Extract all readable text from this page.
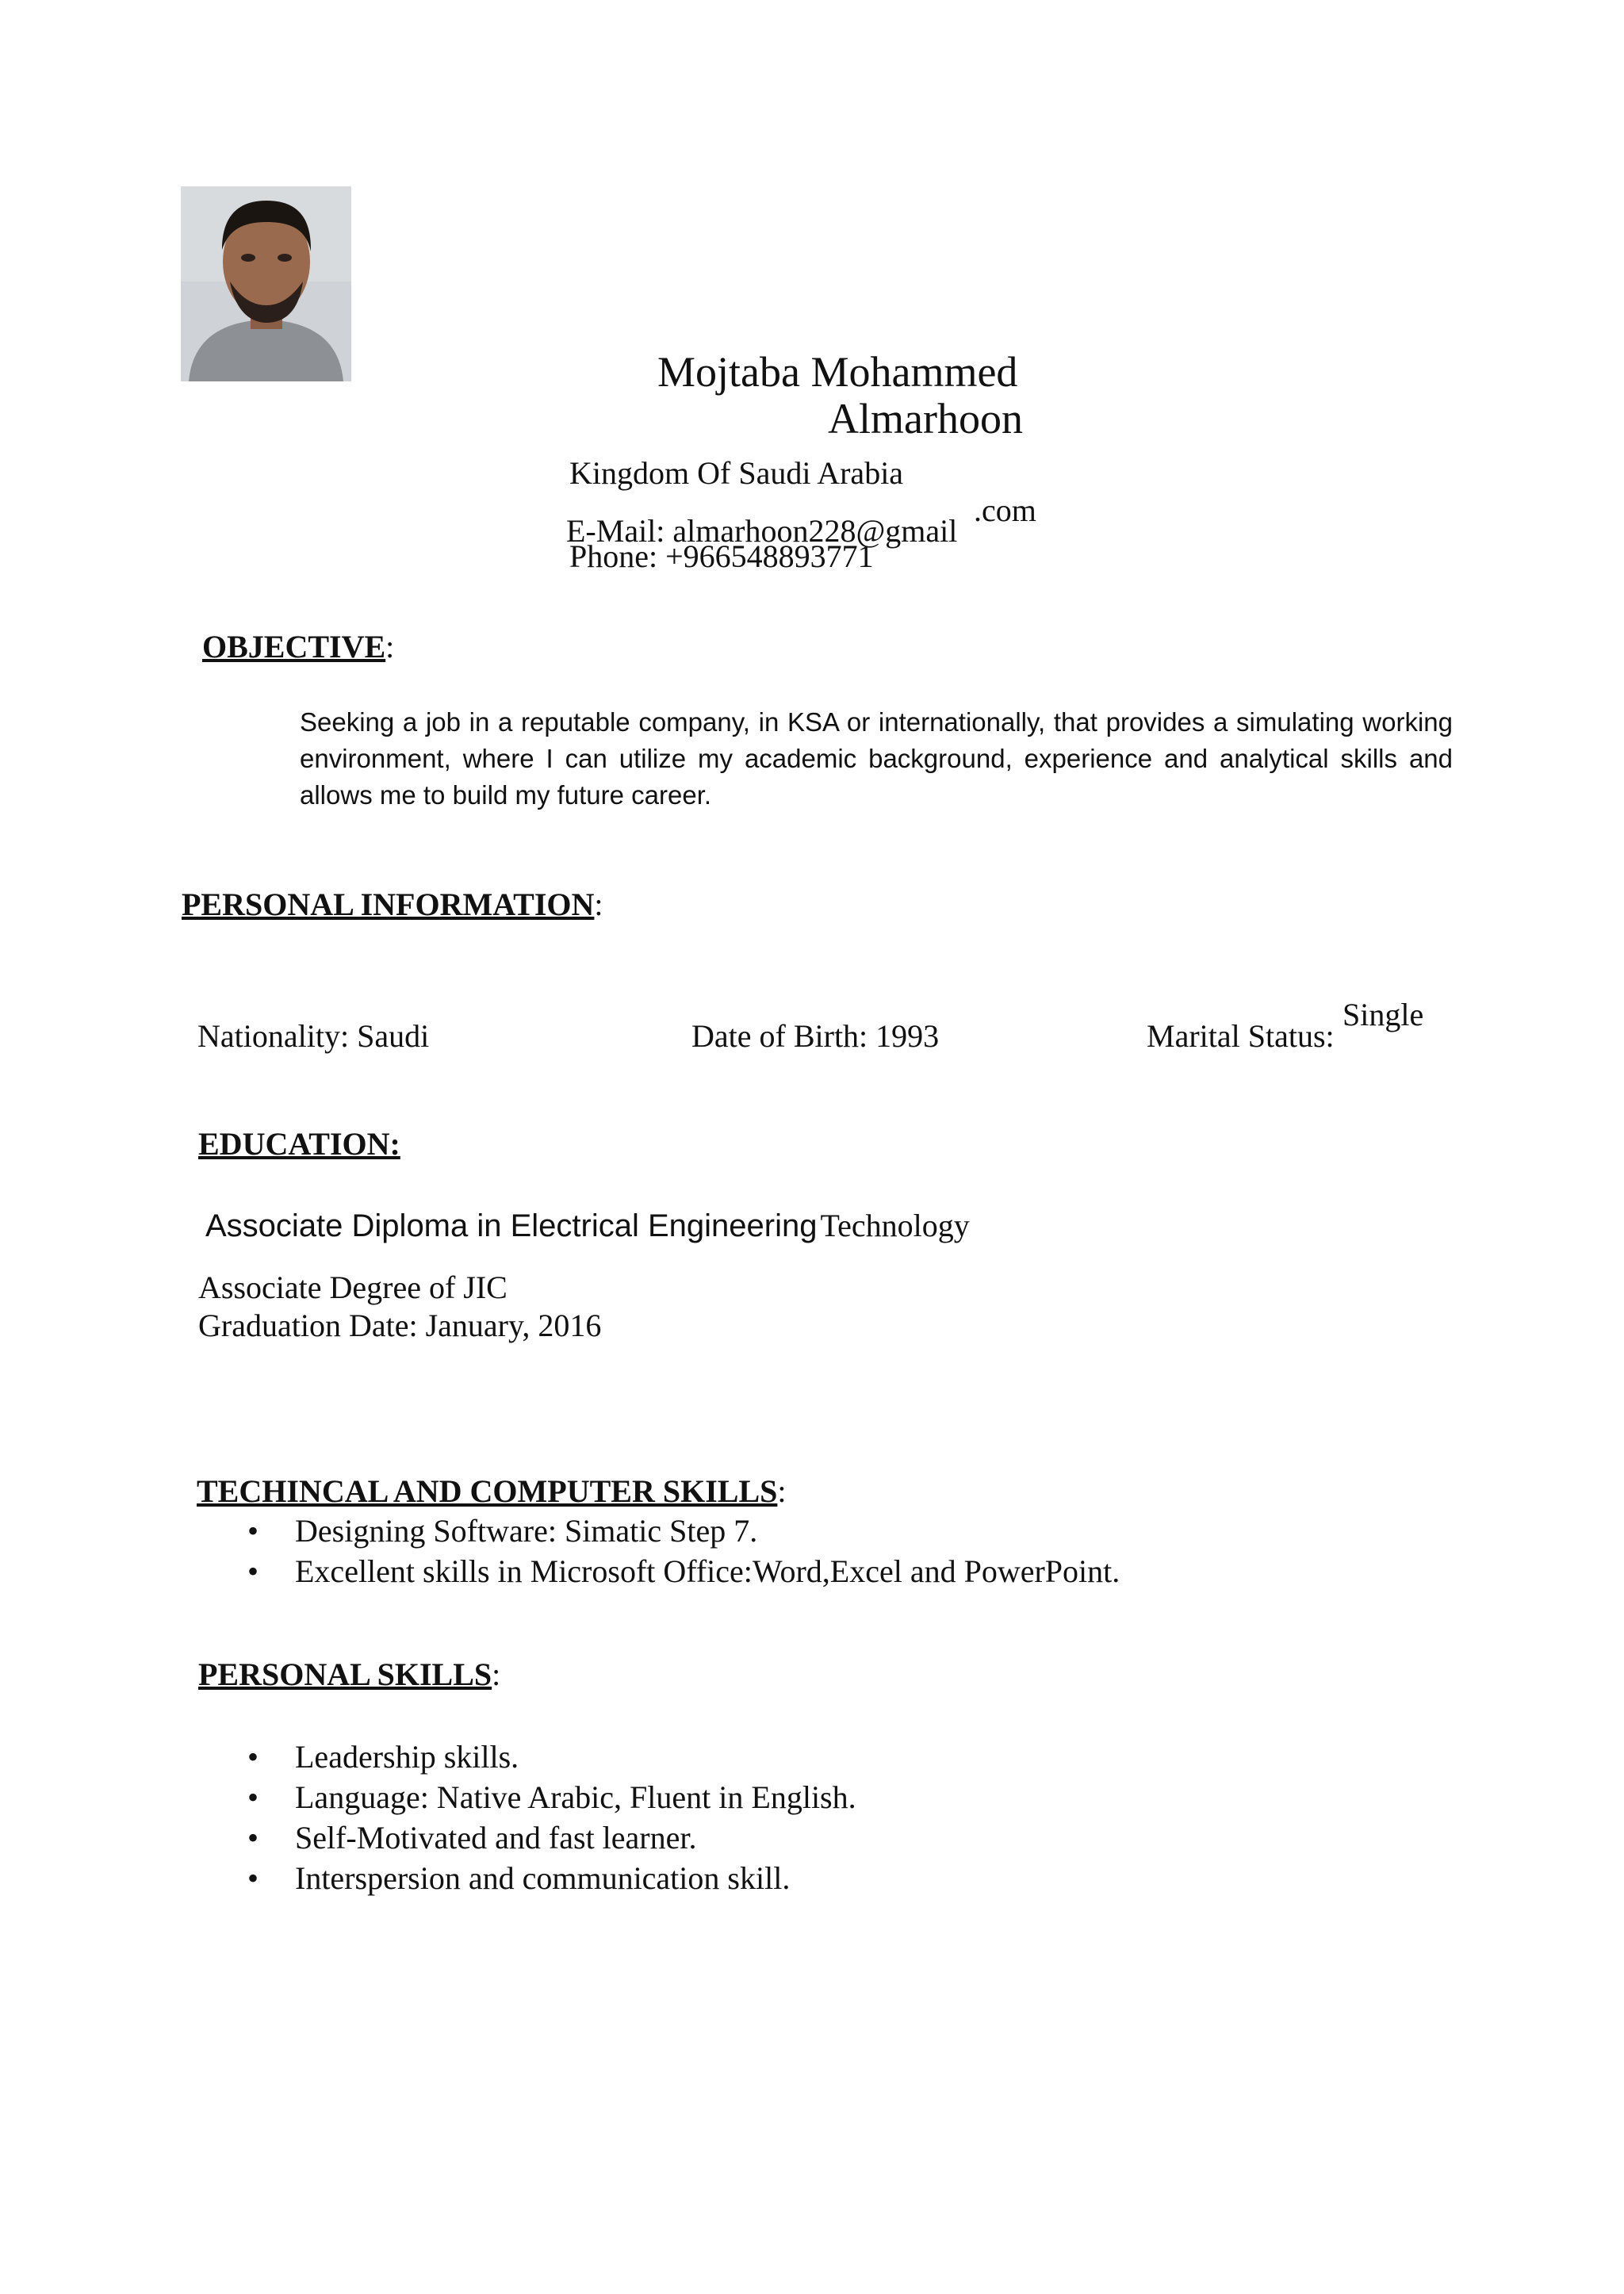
Mojtaba Mohammed
Almarhoon
Kingdom Of Saudi Arabia
E-Mail: almarhoon228@gmail
.com
Phone: +966548893771
OBJECTIVE:
Seeking a job in a reputable company, in KSA or internationally, that provides a simulating working environment, where I can utilize my academic background, experience and analytical skills and allows me to build my future career.
PERSONAL INFORMATION:
Nationality: Saudi	Date of Birth: 1993	Marital Status:
Single
EDUCATION:
Associate Diploma in Electrical Engineering Technology
Associate Degree of JIC
Graduation Date: January, 2016
TECHINCAL AND COMPUTER SKILLS:
• Designing Software: Simatic Step 7.
• Excellent skills in Microsoft Office:Word,Excel and PowerPoint.
PERSONAL SKILLS:
• Leadership skills.
• Language: Native Arabic, Fluent in English.
• Self-Motivated and fast learner.
• Interspersion and communication skill.
